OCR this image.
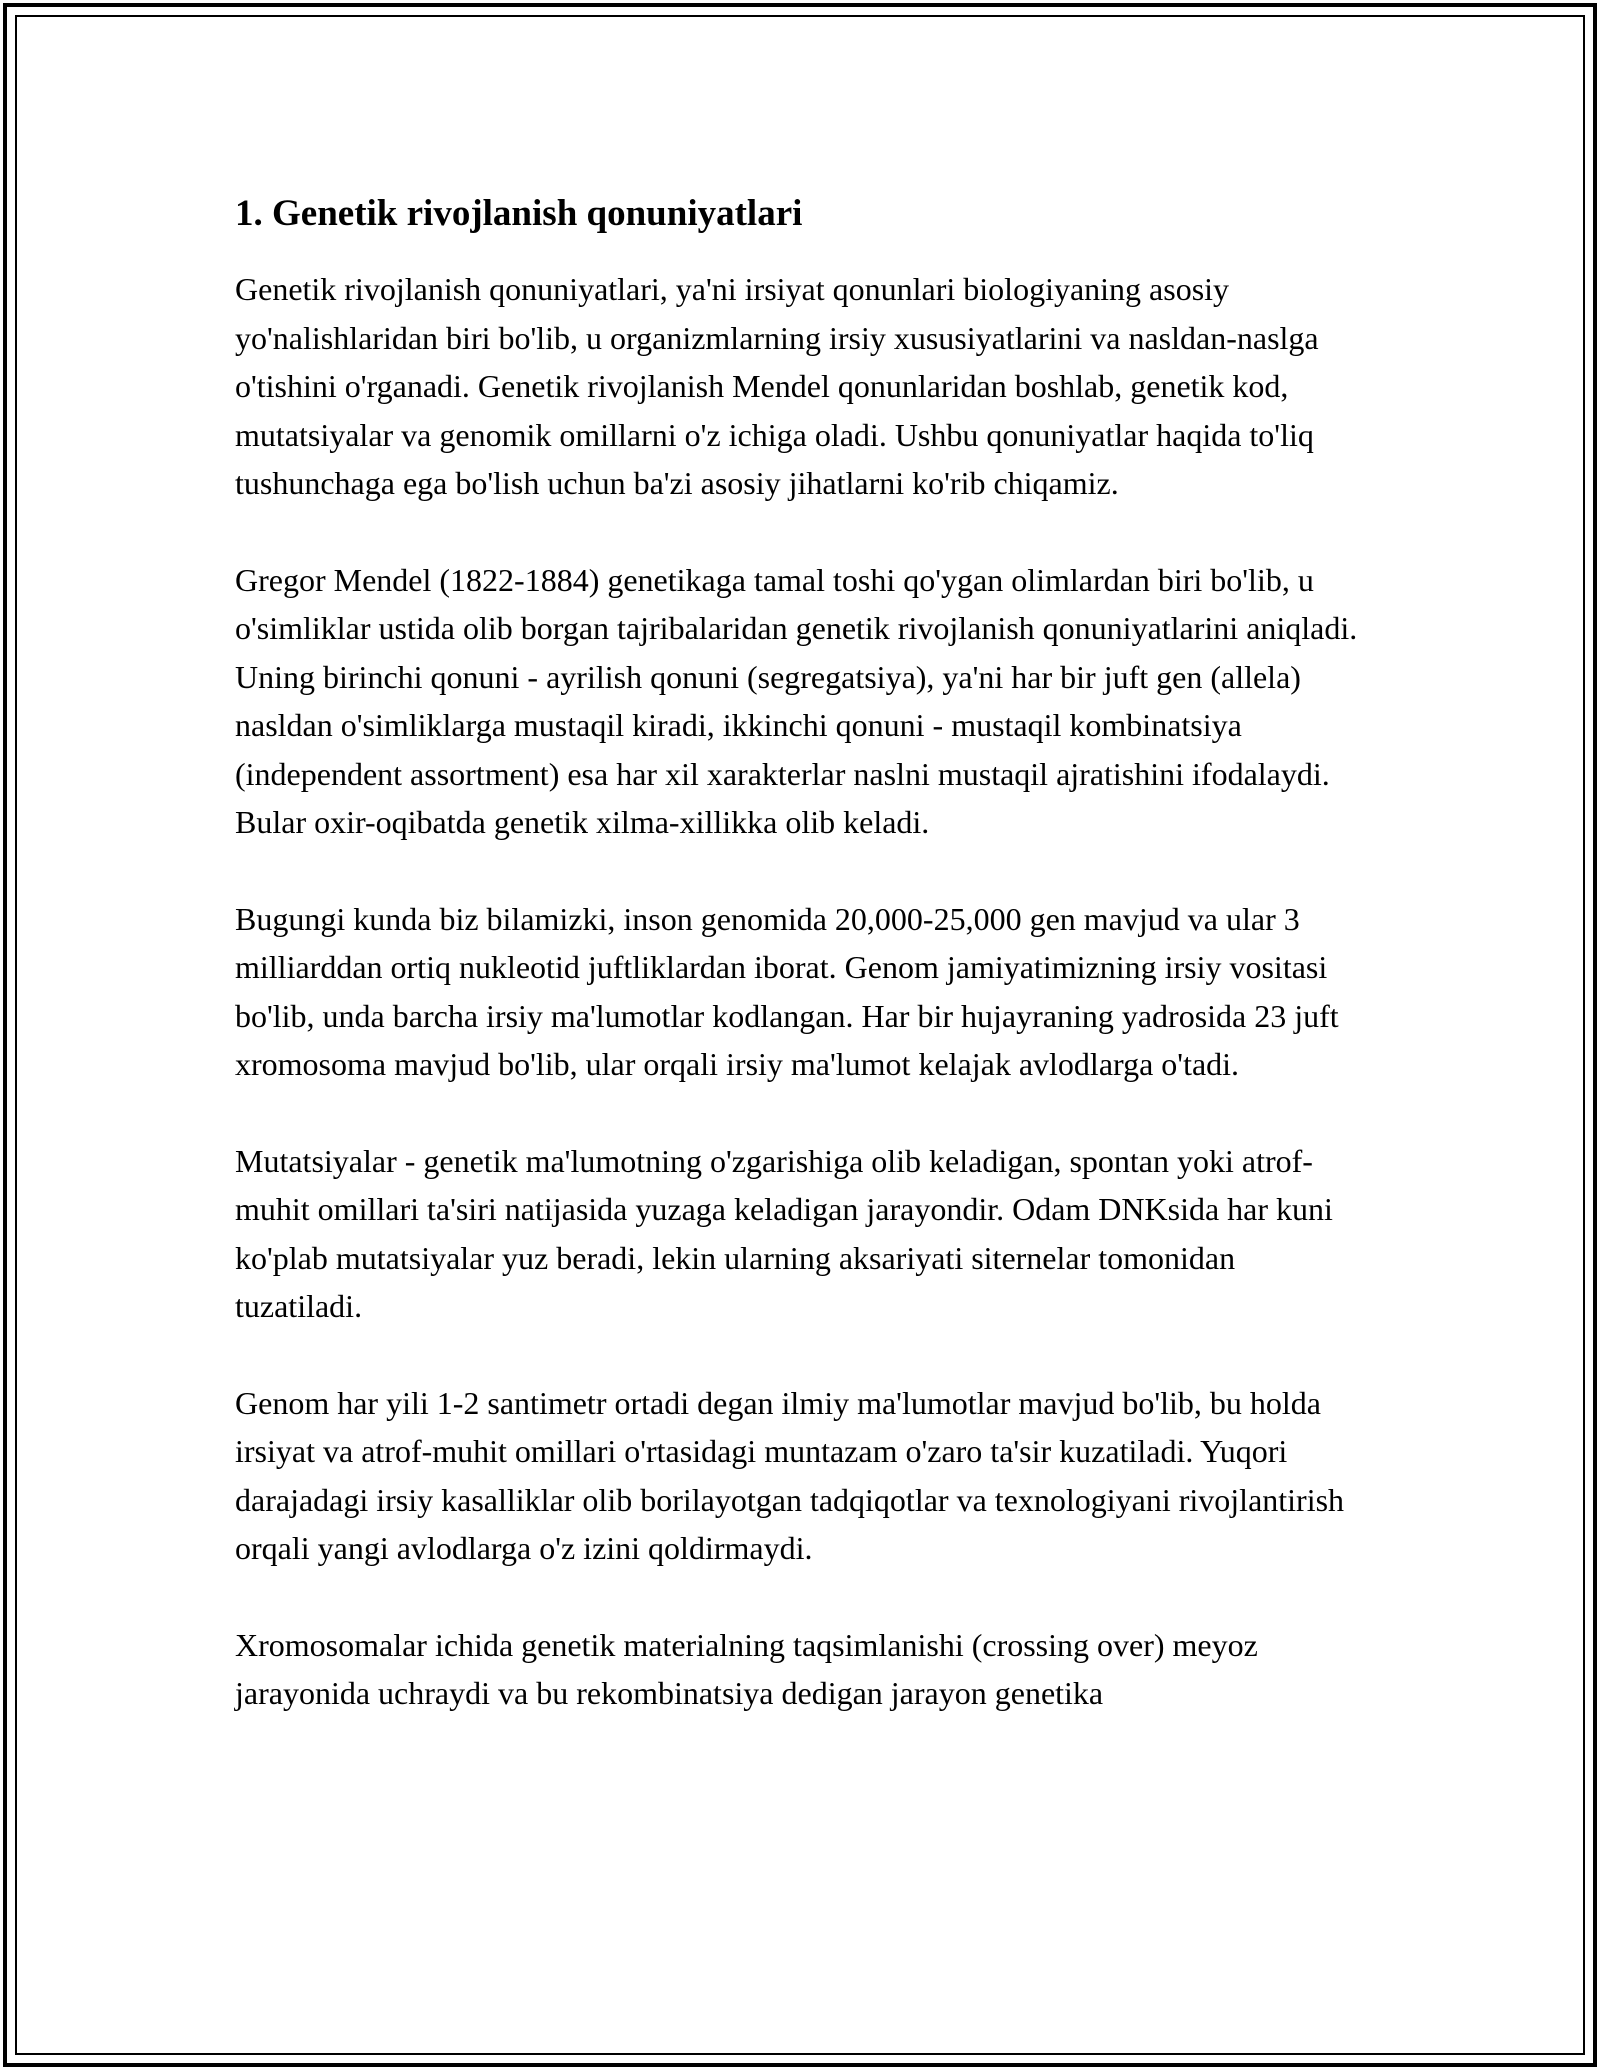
1. Genetik rivojlanish qonuniyatlari

Genetik rivojlanish qonuniyatlari, ya'ni irsiyat qonunlari biologiyaning asosiy yo'nalishlaridan biri bo'lib, u organizmlarning irsiy xususiyatlarini va nasldan-naslga o'tishini o'rganadi. Genetik rivojlanish Mendel qonunlaridan boshlab, genetik kod, mutatsiyalar va genomik omillarni o'z ichiga oladi. Ushbu qonuniyatlar haqida to'liq tushunchaga ega bo'lish uchun ba'zi asosiy jihatlarni ko'rib chiqamiz.

Gregor Mendel (1822-1884) genetikaga tamal toshi qo'ygan olimlardan biri bo'lib, u o'simliklar ustida olib borgan tajribalaridan genetik rivojlanish qonuniyatlarini aniqladi. Uning birinchi qonuni - ayrilish qonuni (segregatsiya), ya'ni har bir juft gen (allela) nasldan o'simliklarga mustaqil kiradi, ikkinchi qonuni - mustaqil kombinatsiya (independent assortment) esa har xil xarakterlar naslni mustaqil ajratishini ifodalaydi. Bular oxir-oqibatda genetik xilma-xillikka olib keladi.

Bugungi kunda biz bilamizki, inson genomida 20,000-25,000 gen mavjud va ular 3 milliarddan ortiq nukleotid juftliklardan iborat. Genom jamiyatimizning irsiy vositasi bo'lib, unda barcha irsiy ma'lumotlar kodlangan. Har bir hujayraning yadrosida 23 juft xromosoma mavjud bo'lib, ular orqali irsiy ma'lumot kelajak avlodlarga o'tadi.

Mutatsiyalar - genetik ma'lumotning o'zgarishiga olib keladigan, spontan yoki atrof-muhit omillari ta'siri natijasida yuzaga keladigan jarayondir. Odam DNKsida har kuni ko'plab mutatsiyalar yuz beradi, lekin ularning aksariyati siternelar tomonidan tuzatiladi.

Genom har yili 1-2 santimetr ortadi degan ilmiy ma'lumotlar mavjud bo'lib, bu holda irsiyat va atrof-muhit omillari o'rtasidagi muntazam o'zaro ta'sir kuzatiladi. Yuqori darajadagi irsiy kasalliklar olib borilayotgan tadqiqotlar va texnologiyani rivojlantirish orqali yangi avlodlarga o'z izini qoldirmaydi.

Xromosomalar ichida genetik materialning taqsimlanishi (crossing over) meyoz jarayonida uchraydi va bu rekombinatsiya dedigan jarayon genetika
